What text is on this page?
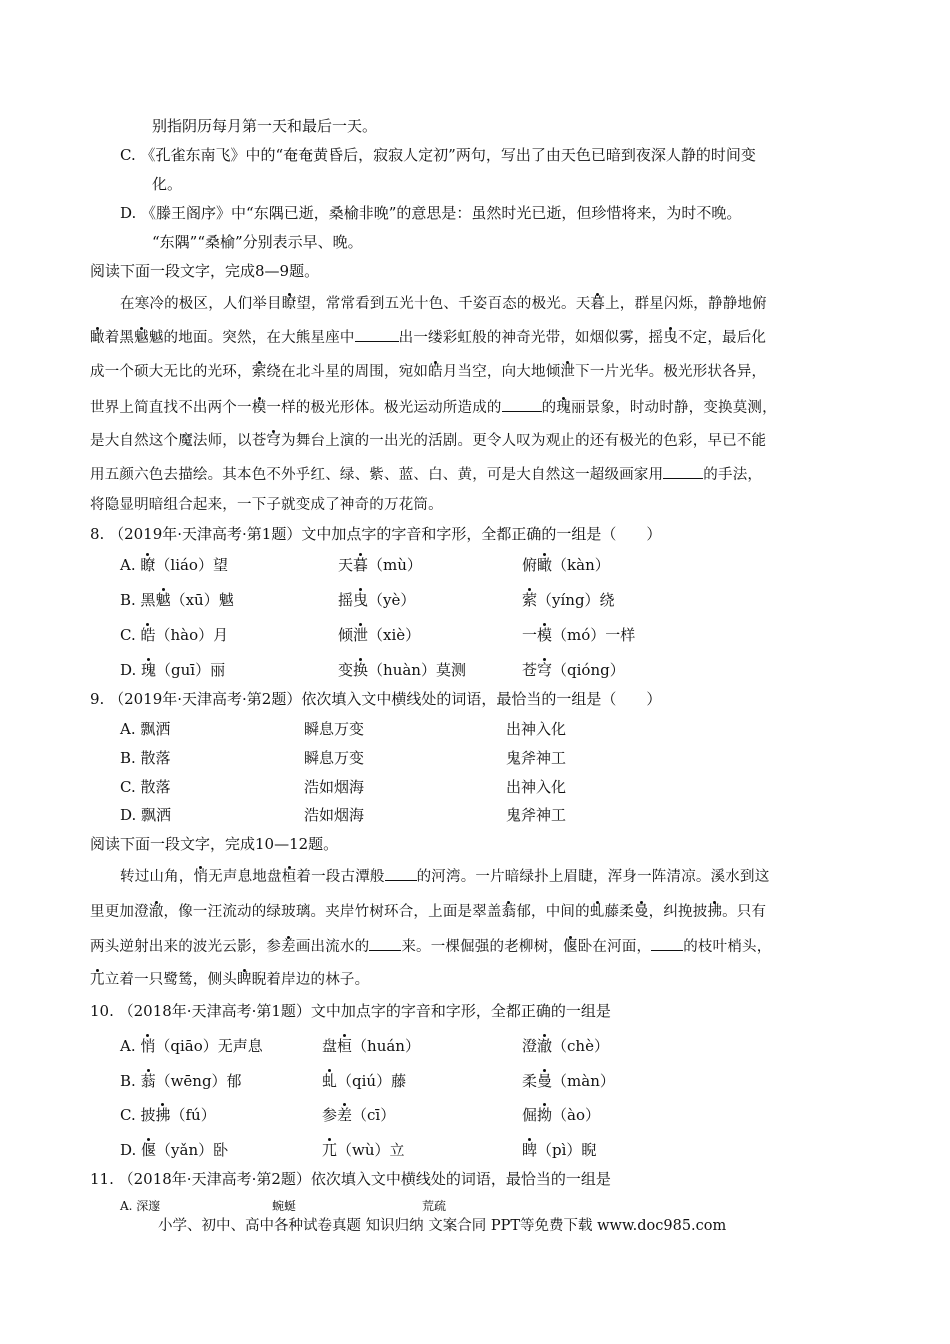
别指阴历每月第一天和最后一天。
C. 《孔雀东南飞》中的“奄奄黄昏后，寂寂人定初”两句，写出了由天色已暗到夜深人静的时间变
化。
D. 《滕王阁序》中“东隅已逝，桑榆非晚”的意思是：虽然时光已逝，但珍惜将来，为时不晚。
“东隅”“桑榆”分别表示早、晚。
阅读下面一段文字，完成8—9题。
在寒冷的极区，人们举目瞭望，常常看到五光十色、千姿百态的极光。天暮上，群星闪烁，静静地俯
瞰着黑魆魆的地面。突然，在大熊星座中	出一缕彩虹般的神奇光带，如烟似雾，摇曳不定，最后化
成一个硕大无比的光环，萦绕在北斗星的周围，宛如皓月当空，向大地倾泄下一片光华。极光形状各异，
世界上简直找不出两个一模一样的极光形体。极光运动所造成的	的瑰丽景象，时动时静，变换莫测，
是大自然这个魔法师，以苍穹为舞台上演的一出光的活剧。更令人叹为观止的还有极光的色彩，早已不能
用五颜六色去描绘。其本色不外乎红、绿、紫、蓝、白、黄，可是大自然这一超级画家用	的手法，
将隐显明暗组合起来，一下子就变成了神奇的万花筒。
8. （2019年·天津高考·第1题）文中加点字的字音和字形，全都正确的一组是（　　）
A. 瞭（liáo）望	天暮（mù）	俯瞰（kàn）
B. 黑魆（xū）魆	摇曳（yè）	萦（yíng）绕
C. 皓（hào）月	倾泄（xiè）	一模（mó）一样
D. 瑰（guī）丽	变换（huàn）莫测	苍穹（qióng）
9. （2019年·天津高考·第2题）依次填入文中横线处的词语，最恰当的一组是（　　）
A. 飘洒	瞬息万变	出神入化
B. 散落	瞬息万变	鬼斧神工
C. 散落	浩如烟海	出神入化
D. 飘洒	浩如烟海	鬼斧神工
阅读下面一段文字，完成10—12题。
转过山角，悄无声息地盘桓着一段古潭般 的河湾。一片暗绿扑上眉睫，浑身一阵清凉。溪水到这
里更加澄澈，像一汪流动的绿玻璃。夹岸竹树环合，上面是翠盖蓊郁，中间的虬藤柔曼，纠挽披拂。只有
两头逆射出来的波光云影，参差画出流水的 来。一棵倔强的老柳树，偃卧在河面， 的枝叶梢头，
兀立着一只鹭鸶，侧头睥睨着岸边的林子。
10. （2018年·天津高考·第1题）文中加点字的字音和字形，全都正确的一组是
A. 悄（qiāo）无声息	盘桓（huán）	澄澈（chè）
B. 蓊（wēng）郁	虬（qiú）藤	柔曼（màn）
C. 披拂（fú）	参差（cī）	倔拗（ào）
D. 偃（yǎn）卧	兀（wù）立	睥（pì）睨
11. （2018年·天津高考·第2题）依次填入文中横线处的词语，最恰当的一组是
A. 深邃	蜿蜒	荒疏
小学、初中、高中各种试卷真题 知识归纳 文案合同 PPT等免费下载 www.doc985.com
